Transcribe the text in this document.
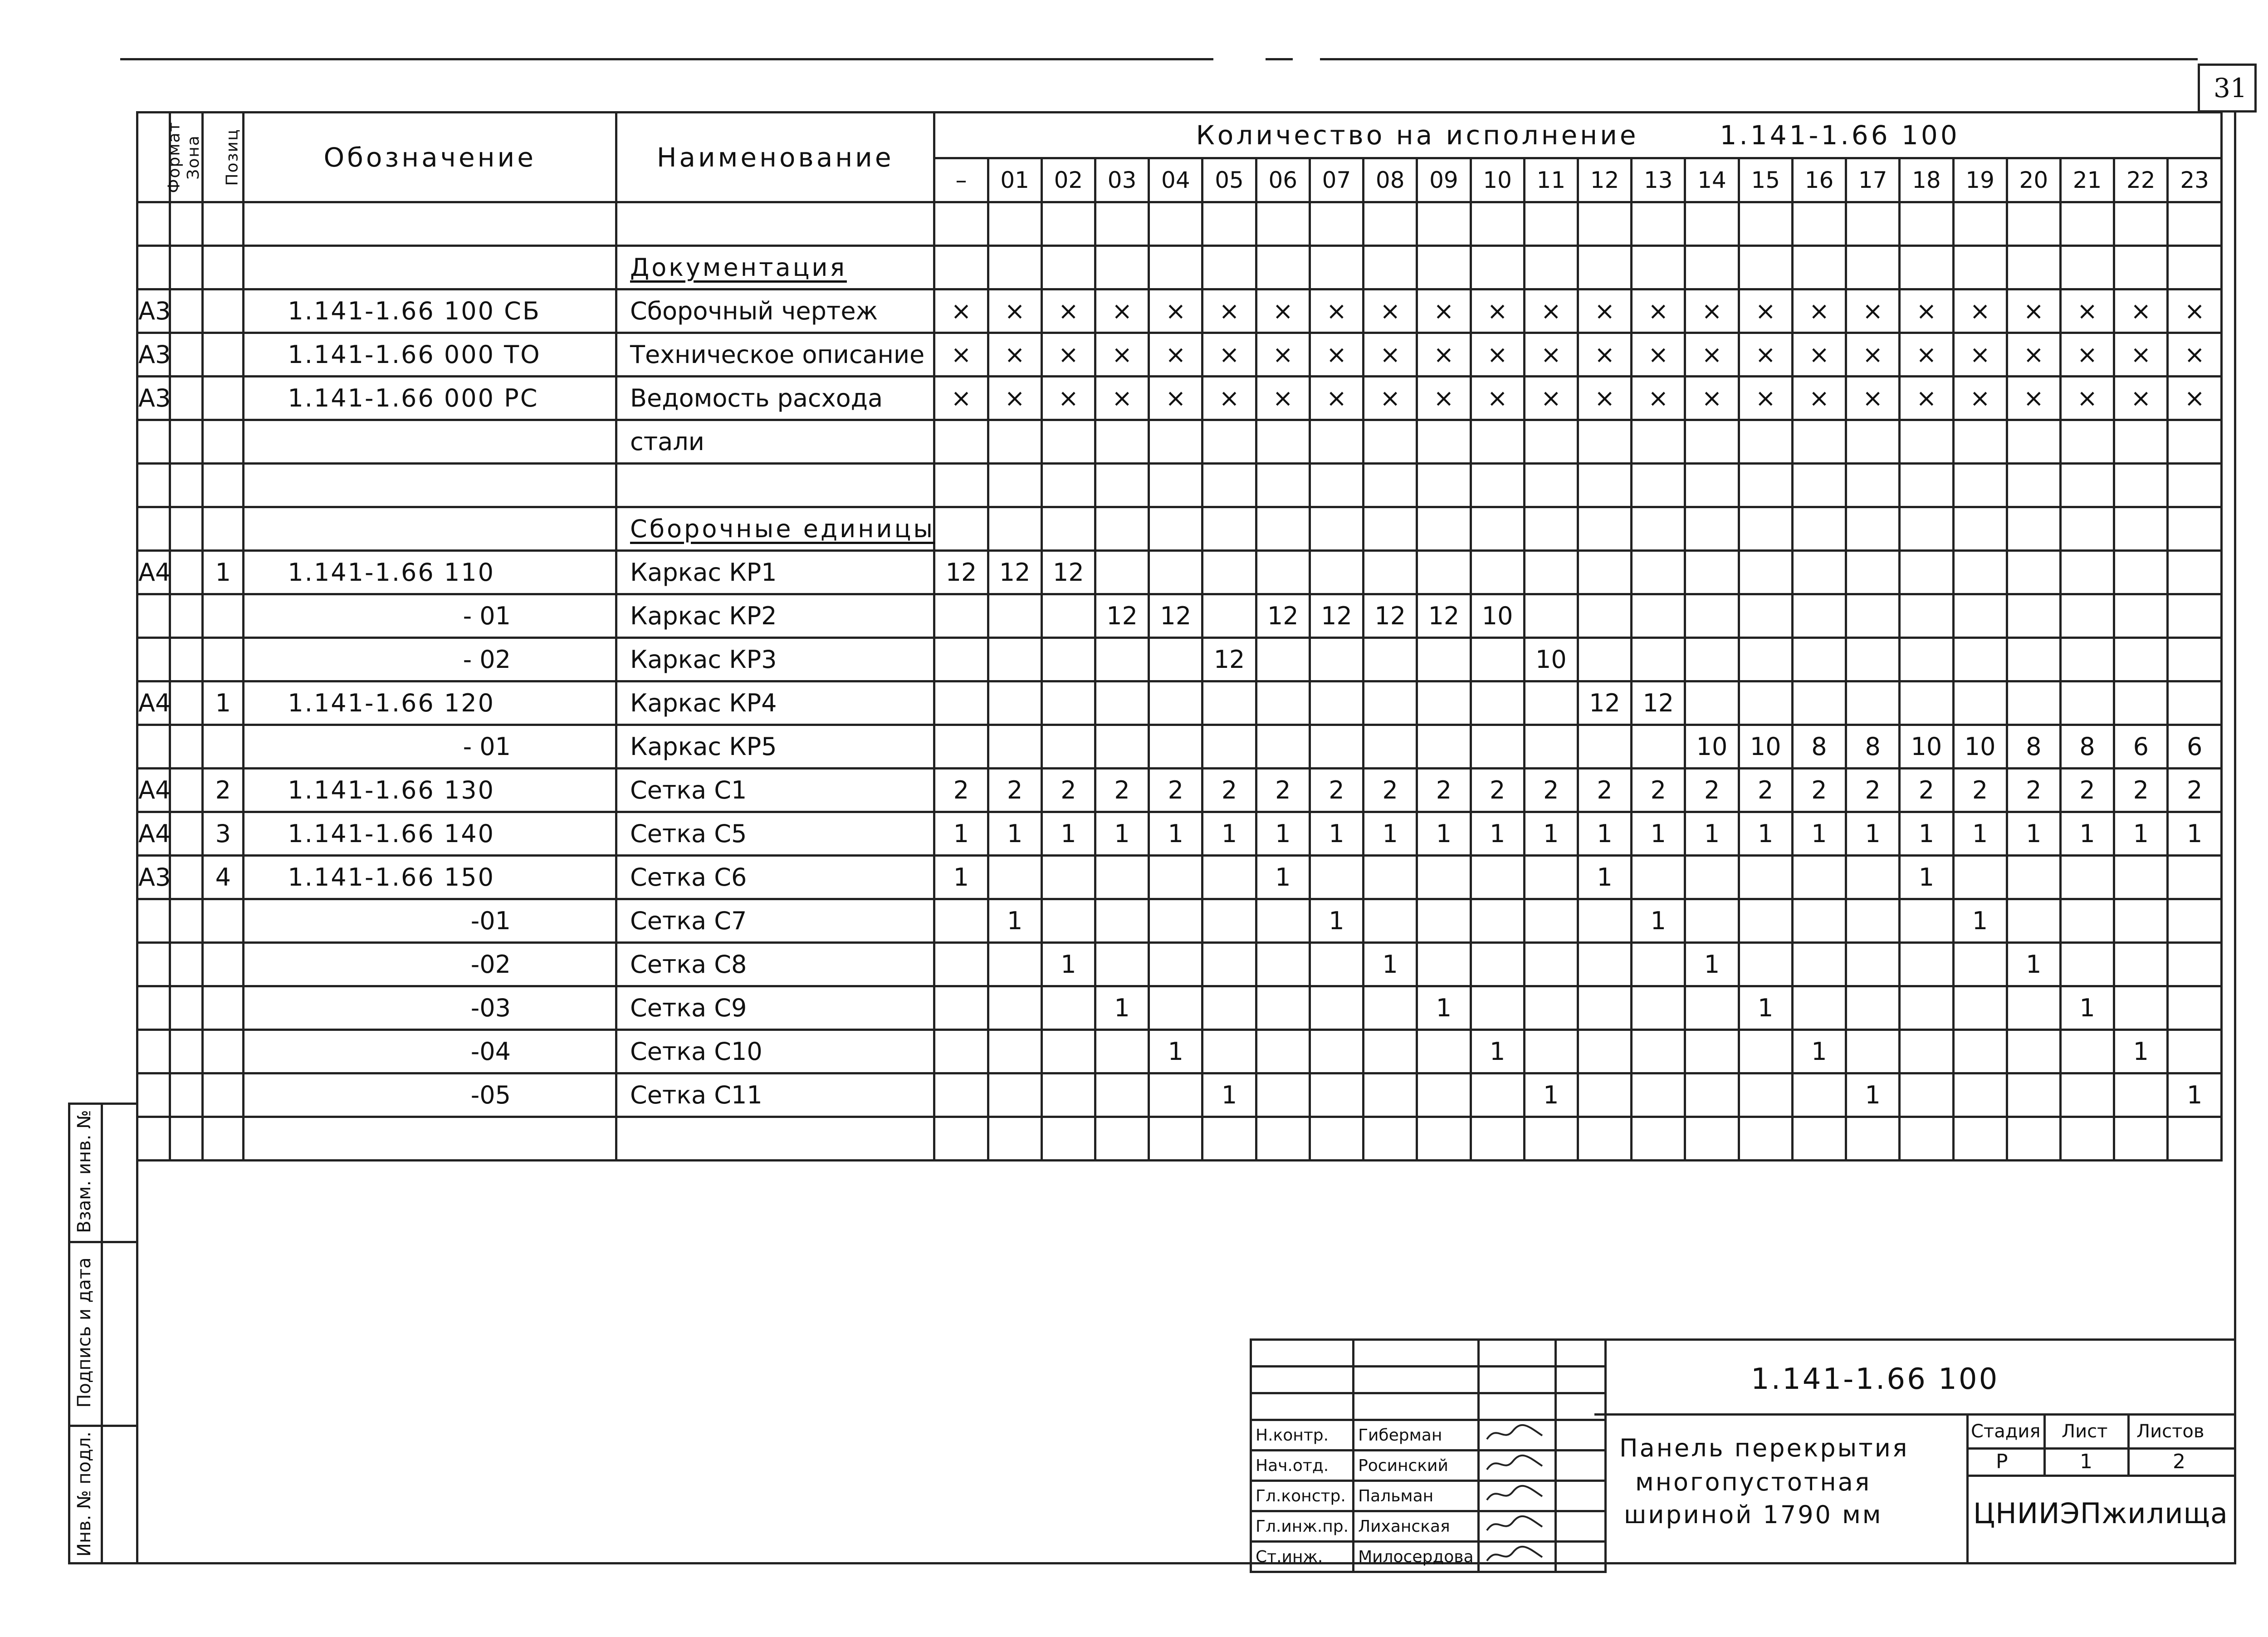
31
Формат	Зона	Позиц	Обозначение	Наименование	Количество на исполнение 1.141-1.66 100																							
					–	01	02	03	04	05	06	07	08	09	10	11	12	13	14	15	16	17	18	19	20	21	22	23

				Документация																								
А3			1.141-1.66 100 СБ	Сборочный чертеж	×	×	×	×	×	×	×	×	×	×	×	×	×	×	×	×	×	×	×	×	×	×	×	×
А3			1.141-1.66 000 ТО	Техническое описание	×	×	×	×	×	×	×	×	×	×	×	×	×	×	×	×	×	×	×	×	×	×	×	×
А3			1.141-1.66 000 РС	Ведомость расхода	×	×	×	×	×	×	×	×	×	×	×	×	×	×	×	×	×	×	×	×	×	×	×	×
				стали																								

				Сборочные единицы																								
А4		1	1.141-1.66 110	Каркас КР1	12	12	12																					
			- 01	Каркас КР2				12	12		12	12	12	12	10													
			- 02	Каркас КР3						12						10												
А4		1	1.141-1.66 120	Каркас КР4													12	12										
			- 01	Каркас КР5															10	10	8	8	10	10	8	8	6	6
А4		2	1.141-1.66 130	Сетка С1	2	2	2	2	2	2	2	2	2	2	2	2	2	2	2	2	2	2	2	2	2	2	2	2
А4		3	1.141-1.66 140	Сетка С5	1	1	1	1	1	1	1	1	1	1	1	1	1	1	1	1	1	1	1	1	1	1	1	1
А3		4	1.141-1.66 150	Сетка С6	1						1						1						1					
			-01	Сетка С7		1						1						1						1				
			-02	Сетка С8			1						1						1						1			
			-03	Сетка С9				1						1						1						1		
			-04	Сетка С10					1						1						1						1	
			-05	Сетка С11						1						1						1						1

Взам. инв. №
Подпись и дата
Инв. № подл.

				Н.контр.	Гиберман		
Нач.отд.	Росинский		
Гл.констр.	Пальман		
Гл.инж.пр.	Лиханская		
Ст.инж.	Милосердова		
1.141-1.66 100
Панель перекрытия
многопустотная
шириной 1790 мм
Стадия Лист Листов
Р	1	2
ЦНИИЭПжилища
